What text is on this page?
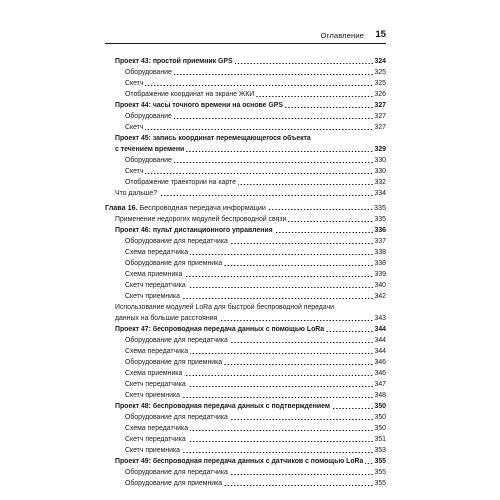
Оглавление 15
Проект 43: простой приемник GPS	324
Оборудование	325
Скетч	325
Отображение координат на экране ЖКИ	326
Проект 44: часы точного времени на основе GPS	327
Оборудование	327
Скетч	327
Проект 45: запись координат перемещающегося объекта
с течением времени	329
Оборудование	330
Скетч	330
Отображение траектории на карте	332
Что дальше?	334
Глава 16. Беспроводная передача информации	335
Применение недорогих модулей беспроводной связи	335
Проект 46: пульт дистанционного управления	336
Оборудование для передатчика	337
Схема передатчика	338
Оборудование для приемника	338
Схема приемника	339
Скетч передатчика	340
Скетч приемника	342
Использование модулей LoRa для быстрой беспроводной передачи
данных на большие расстояния	343
Проект 47: беспроводная передача данных с помощью LoRa	344
Оборудование для передатчика	344
Схема передатчика	344
Оборудование для приемника	346
Схема приемника	346
Скетч передатчика	347
Скетч приемника	348
Проект 48: беспроводная передача данных с подтверждением	350
Оборудование для передатчика	350
Схема передатчика	350
Скетч передатчика	351
Скетч приемника	353
Проект 49: беспроводная передача данных с датчиков с помощью LoRa 355
Оборудование для передатчика	355
Оборудование для приемника	355
